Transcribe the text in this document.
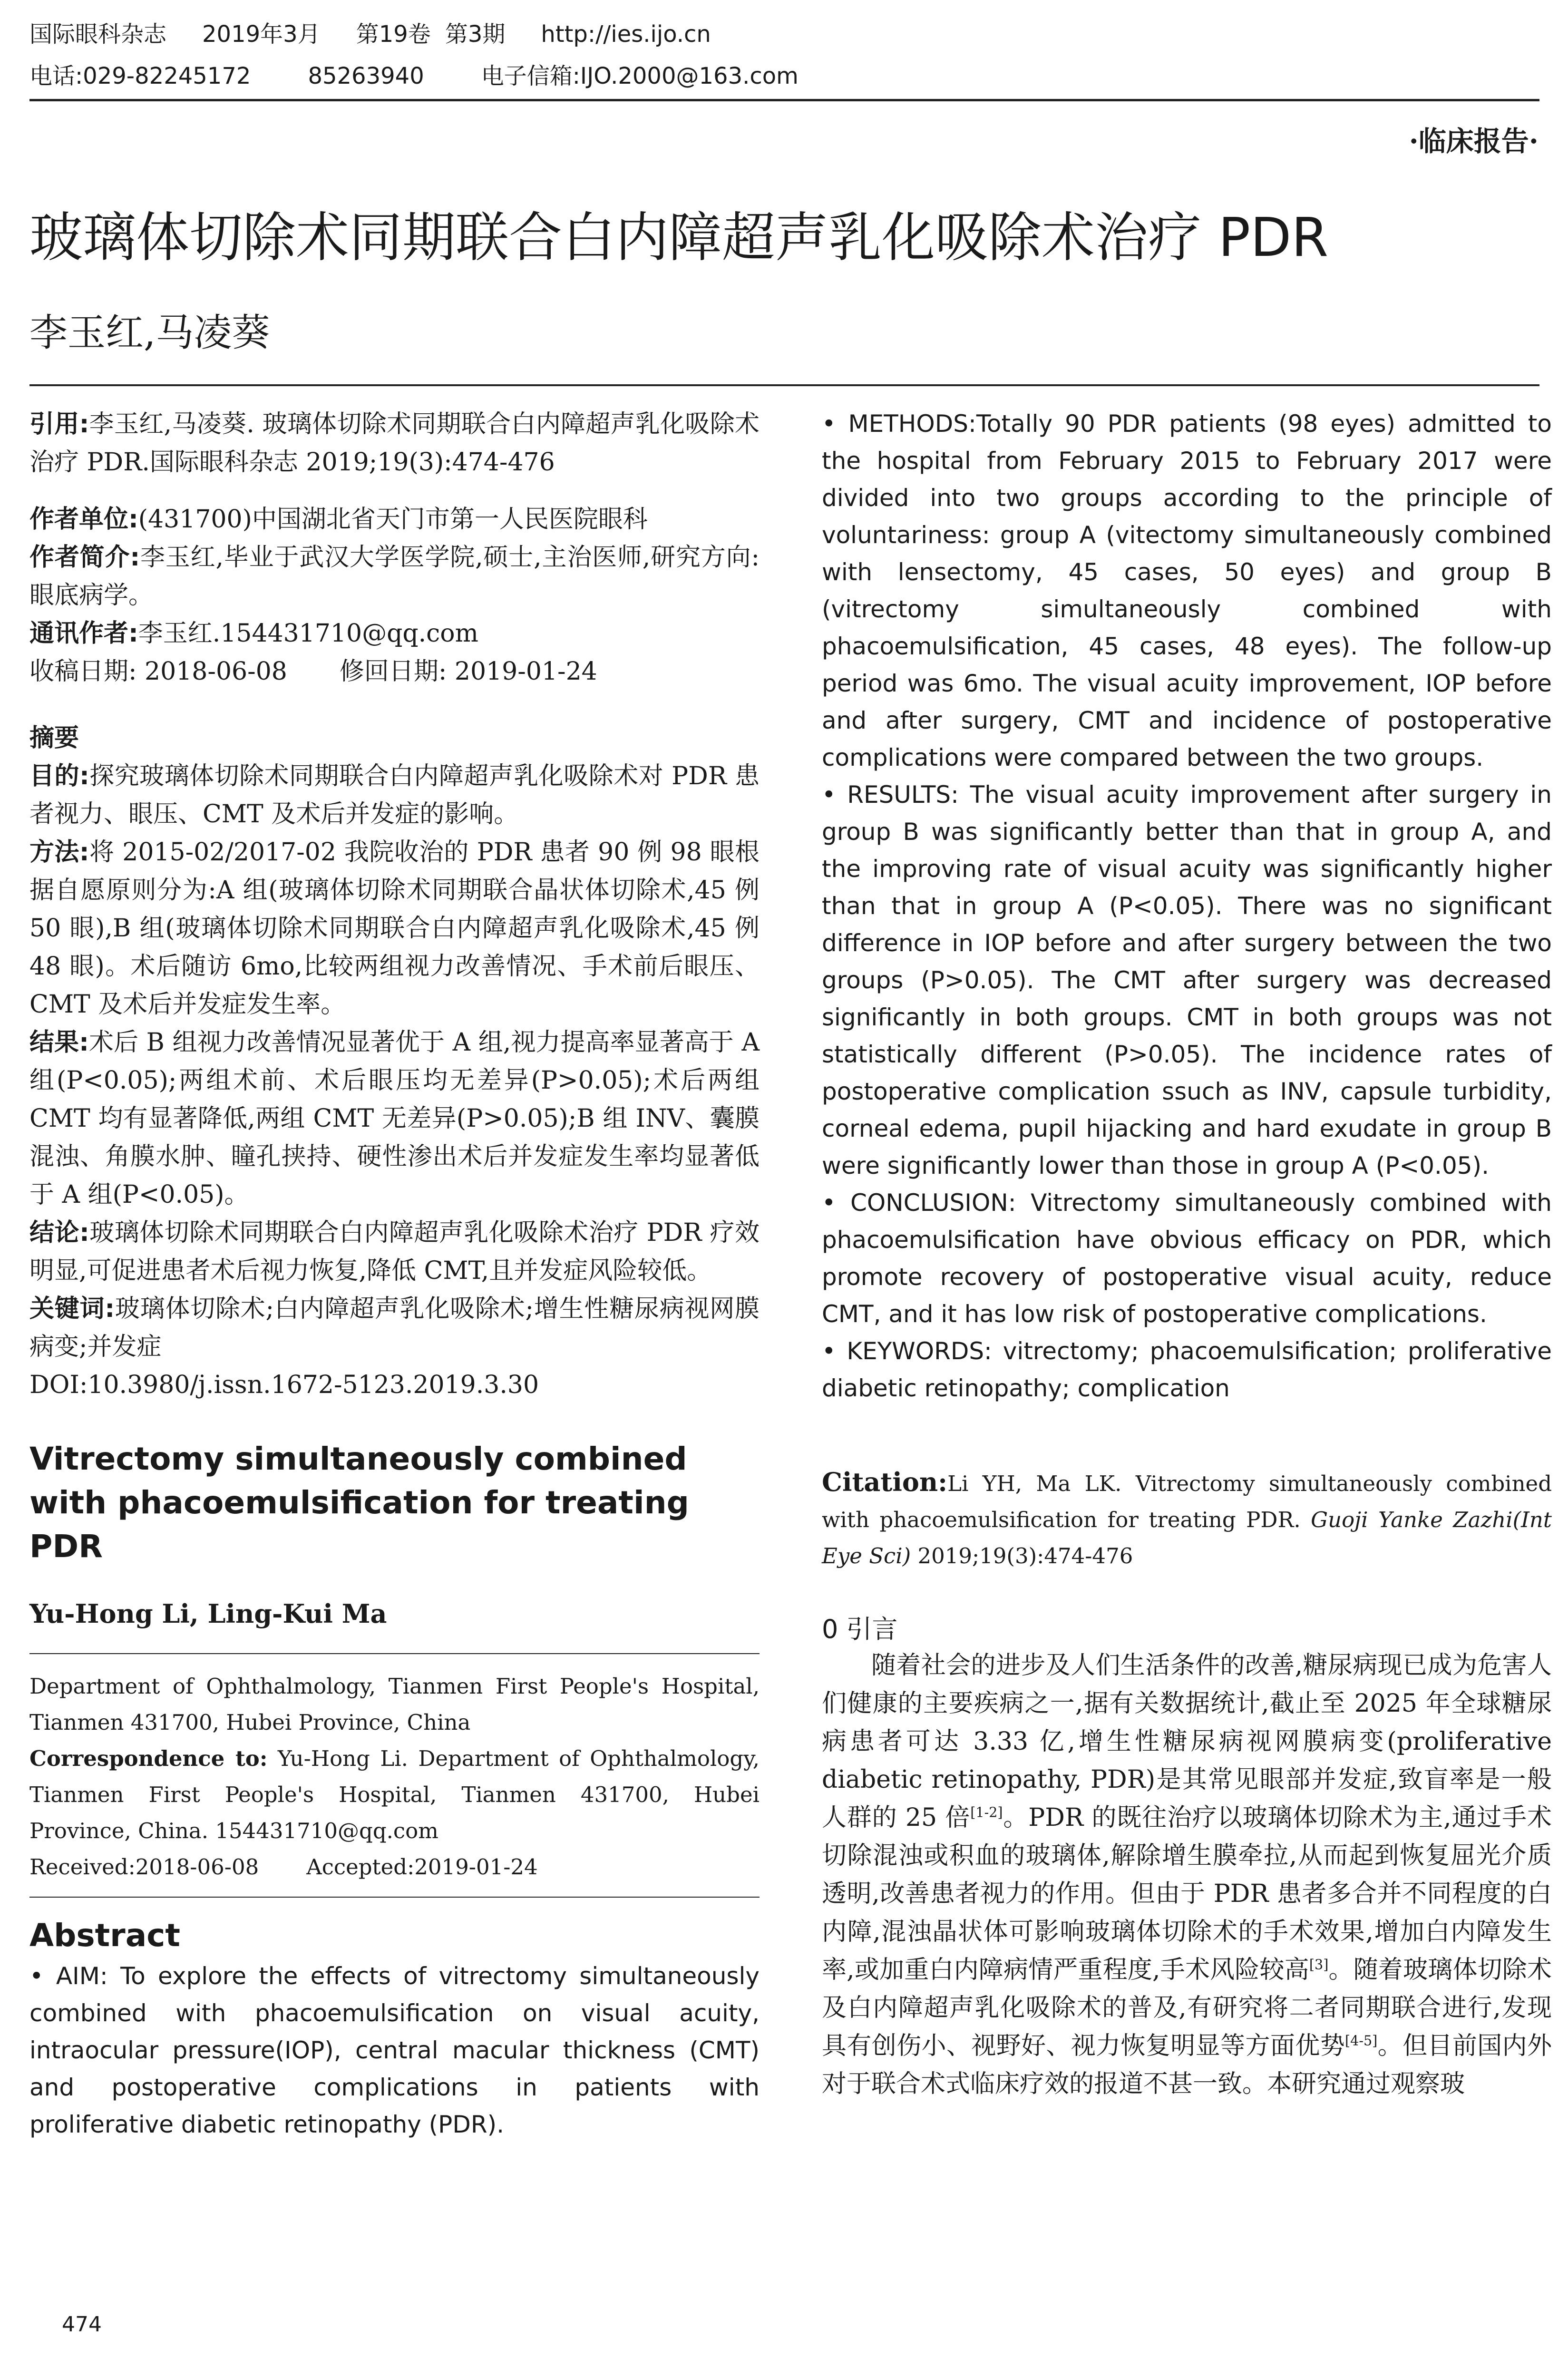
国际眼科杂志 2019年3月 第19卷 第3期 http://ies.ijo.cn
电话:029-82245172	85263940	电子信箱:IJO.2000@163.com
·临床报告·
玻璃体切除术同期联合白内障超声乳化吸除术治疗 PDR
李玉红,马凌葵
引用:李玉红,马凌葵. 玻璃体切除术同期联合白内障超声乳化吸除术治疗 PDR.国际眼科杂志 2019;19(3):474-476

作者单位:(431700)中国湖北省天门市第一人民医院眼科

作者简介:李玉红,毕业于武汉大学医学院,硕士,主治医师,研究方向:眼底病学。

通讯作者:李玉红.154431710@qq.com

收稿日期: 2018-06-08 修回日期: 2019-01-24

摘要

目的:探究玻璃体切除术同期联合白内障超声乳化吸除术对 PDR 患者视力、眼压、CMT 及术后并发症的影响。

方法:将 2015-02/2017-02 我院收治的 PDR 患者 90 例 98 眼根据自愿原则分为:A 组(玻璃体切除术同期联合晶状体切除术,45 例 50 眼),B 组(玻璃体切除术同期联合白内障超声乳化吸除术,45 例 48 眼)。术后随访 6mo,比较两组视力改善情况、手术前后眼压、CMT 及术后并发症发生率。

结果:术后 B 组视力改善情况显著优于 A 组,视力提高率显著高于 A 组(P<0.05);两组术前、术后眼压均无差异(P>0.05);术后两组 CMT 均有显著降低,两组 CMT 无差异(P>0.05);B 组 INV、囊膜混浊、角膜水肿、瞳孔挟持、硬性渗出术后并发症发生率均显著低于 A 组(P<0.05)。

结论:玻璃体切除术同期联合白内障超声乳化吸除术治疗 PDR 疗效明显,可促进患者术后视力恢复,降低 CMT,且并发症风险较低。

关键词:玻璃体切除术;白内障超声乳化吸除术;增生性糖尿病视网膜病变;并发症

DOI:10.3980/j.issn.1672-5123.2019.3.30

Vitrectomy simultaneously combined with phacoemulsification for treating PDR
Yu-Hong Li, Ling-Kui Ma

Department of Ophthalmology, Tianmen First People's Hospital, Tianmen 431700, Hubei Province, China

Correspondence to: Yu-Hong Li. Department of Ophthalmology, Tianmen First People's Hospital, Tianmen 431700, Hubei Province, China. 154431710@qq.com

Received:2018-06-08 Accepted:2019-01-24

Abstract
• AIM: To explore the effects of vitrectomy simultaneously combined with phacoemulsification on visual acuity, intraocular pressure(IOP), central macular thickness (CMT) and postoperative complications in patients with proliferative diabetic retinopathy (PDR).
474

• METHODS:Totally 90 PDR patients (98 eyes) admitted to the hospital from February 2015 to February 2017 were divided into two groups according to the principle of voluntariness: group A (vitectomy simultaneously combined with lensectomy, 45 cases, 50 eyes) and group B (vitrectomy simultaneously combined with phacoemulsification, 45 cases, 48 eyes). The follow-up period was 6mo. The visual acuity improvement, IOP before and after surgery, CMT and incidence of postoperative complications were compared between the two groups.

• RESULTS: The visual acuity improvement after surgery in group B was significantly better than that in group A, and the improving rate of visual acuity was significantly higher than that in group A (P<0.05). There was no significant difference in IOP before and after surgery between the two groups (P>0.05). The CMT after surgery was decreased significantly in both groups. CMT in both groups was not statistically different (P>0.05). The incidence rates of postoperative complication ssuch as INV, capsule turbidity, corneal edema, pupil hijacking and hard exudate in group B were significantly lower than those in group A (P<0.05).

• CONCLUSION: Vitrectomy simultaneously combined with phacoemulsification have obvious efficacy on PDR, which promote recovery of postoperative visual acuity, reduce CMT, and it has low risk of postoperative complications.

• KEYWORDS: vitrectomy; phacoemulsification; proliferative diabetic retinopathy; complication

Citation:Li YH, Ma LK. Vitrectomy simultaneously combined with phacoemulsification for treating PDR. Guoji Yanke Zazhi(Int Eye Sci) 2019;19(3):474-476
0 引言
随着社会的进步及人们生活条件的改善,糖尿病现已成为危害人们健康的主要疾病之一,据有关数据统计,截止至 2025 年全球糖尿病患者可达 3.33 亿,增生性糖尿病视网膜病变(proliferative diabetic retinopathy, PDR)是其常见眼部并发症,致盲率是一般人群的 25 倍[1-2]。PDR 的既往治疗以玻璃体切除术为主,通过手术切除混浊或积血的玻璃体,解除增生膜牵拉,从而起到恢复屈光介质透明,改善患者视力的作用。但由于 PDR 患者多合并不同程度的白内障,混浊晶状体可影响玻璃体切除术的手术效果,增加白内障发生率,或加重白内障病情严重程度,手术风险较高[3]。随着玻璃体切除术及白内障超声乳化吸除术的普及,有研究将二者同期联合进行,发现具有创伤小、视野好、视力恢复明显等方面优势[4-5]。但目前国内外对于联合术式临床疗效的报道不甚一致。本研究通过观察玻
